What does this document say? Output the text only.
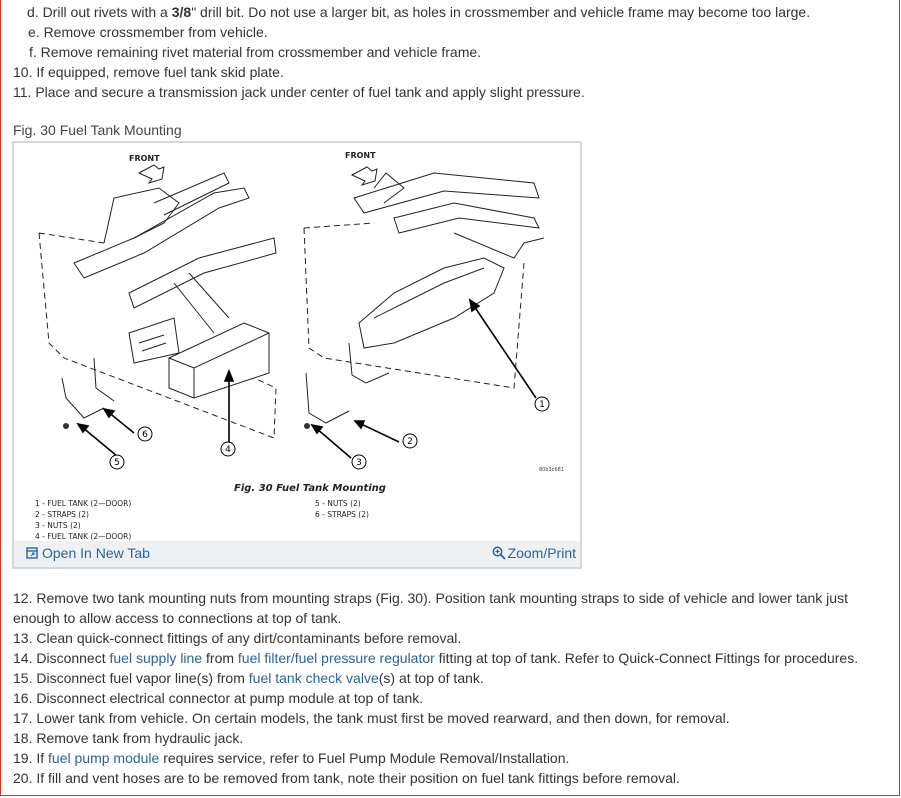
d. Drill out rivets with a 3/8" drill bit. Do not use a larger bit, as holes in crossmember and vehicle frame may become too large.
e. Remove crossmember from vehicle.
f. Remove remaining rivet material from crossmember and vehicle frame.
10. If equipped, remove fuel tank skid plate.
11. Place and secure a transmission jack under center of fuel tank and apply slight pressure.
Fig. 30 Fuel Tank Mounting
FRONT	FRONT
1
2
3
4
5
6
80b3c681
Fig. 30 Fuel Tank Mounting
1 - FUEL TANK (2—DOOR)
2 - STRAPS (2)
3 - NUTS (2)
4 - FUEL TANK (2—DOOR)
5 - NUTS (2)
6 - STRAPS (2)
Open In New Tab	Zoom/Print
12. Remove two tank mounting nuts from mounting straps (Fig. 30). Position tank mounting straps to side of vehicle and lower tank just enough to allow access to connections at top of tank.
13. Clean quick-connect fittings of any dirt/contaminants before removal.
14. Disconnect fuel supply line from fuel filter/fuel pressure regulator fitting at top of tank. Refer to Quick-Connect Fittings for procedures.
15. Disconnect fuel vapor line(s) from fuel tank check valve(s) at top of tank.
16. Disconnect electrical connector at pump module at top of tank.
17. Lower tank from vehicle. On certain models, the tank must first be moved rearward, and then down, for removal.
18. Remove tank from hydraulic jack.
19. If fuel pump module requires service, refer to Fuel Pump Module Removal/Installation.
20. If fill and vent hoses are to be removed from tank, note their position on fuel tank fittings before removal.
